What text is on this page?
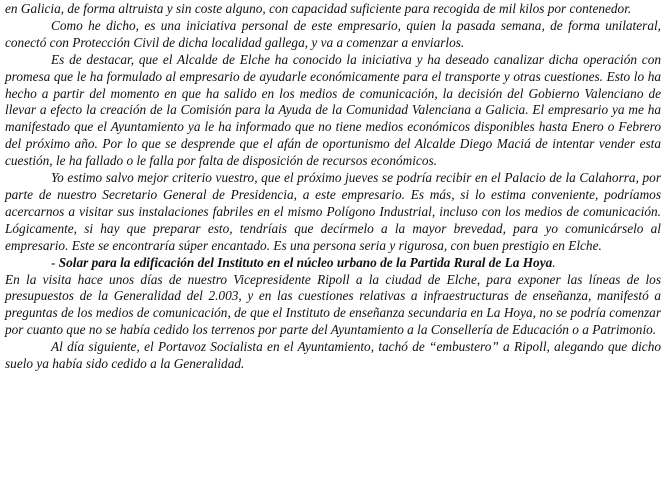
en Galicia, de forma altruista y sin coste alguno, con capacidad suficiente para recogida de mil kilos por contenedor.

Como he dicho, es una iniciativa personal de este empresario, quien la pasada semana, de forma unilateral, conectó con Protección Civil de dicha localidad gallega, y va a comenzar a enviarlos.

Es de destacar, que el Alcalde de Elche ha conocido la iniciativa y ha deseado canalizar dicha operación con promesa que le ha formulado al empresario de ayudarle económicamente para el transporte y otras cuestiones. Esto lo ha hecho a partir del momento en que ha salido en los medios de comunicación, la decisión del Gobierno Valenciano de llevar a efecto la creación de la Comisión para la Ayuda de la Comunidad Valenciana a Galicia. El empresario ya me ha manifestado que el Ayuntamiento ya le ha informado que no tiene medios económicos disponibles hasta Enero o Febrero del próximo año. Por lo que se desprende que el afán de oportunismo del Alcalde Diego Maciá de intentar vender esta cuestión, le ha fallado o le falla por falta de disposición de recursos económicos.

Yo estimo salvo mejor criterio vuestro, que el próximo jueves se podría recibir en el Palacio de la Calahorra, por parte de nuestro Secretario General de Presidencia, a este empresario. Es más, si lo estima conveniente, podríamos acercarnos a visitar sus instalaciones fabriles en el mismo Polígono Industrial, incluso con los medios de comunicación. Lógicamente, si hay que preparar esto, tendríais que decírmelo a la mayor brevedad, para yo comunicárselo al empresario. Este se encontraría súper encantado. Es una persona seria y rigurosa, con buen prestigio en Elche.

- Solar para la edificación del Instituto en el núcleo urbano de la Partida Rural de La Hoya.

En la visita hace unos días de nuestro Vicepresidente Ripoll a la ciudad de Elche, para exponer las líneas de los presupuestos de la Generalidad del 2.003, y en las cuestiones relativas a infraestructuras de enseñanza, manifestó a preguntas de los medios de comunicación, de que el Instituto de enseñanza secundaria en La Hoya, no se podría comenzar por cuanto que no se había cedido los terrenos por parte del Ayuntamiento a la Consellería de Educación o a Patrimonio.

Al día siguiente, el Portavoz Socialista en el Ayuntamiento, tachó de “embustero” a Ripoll, alegando que dicho suelo ya había sido cedido a la Generalidad.
